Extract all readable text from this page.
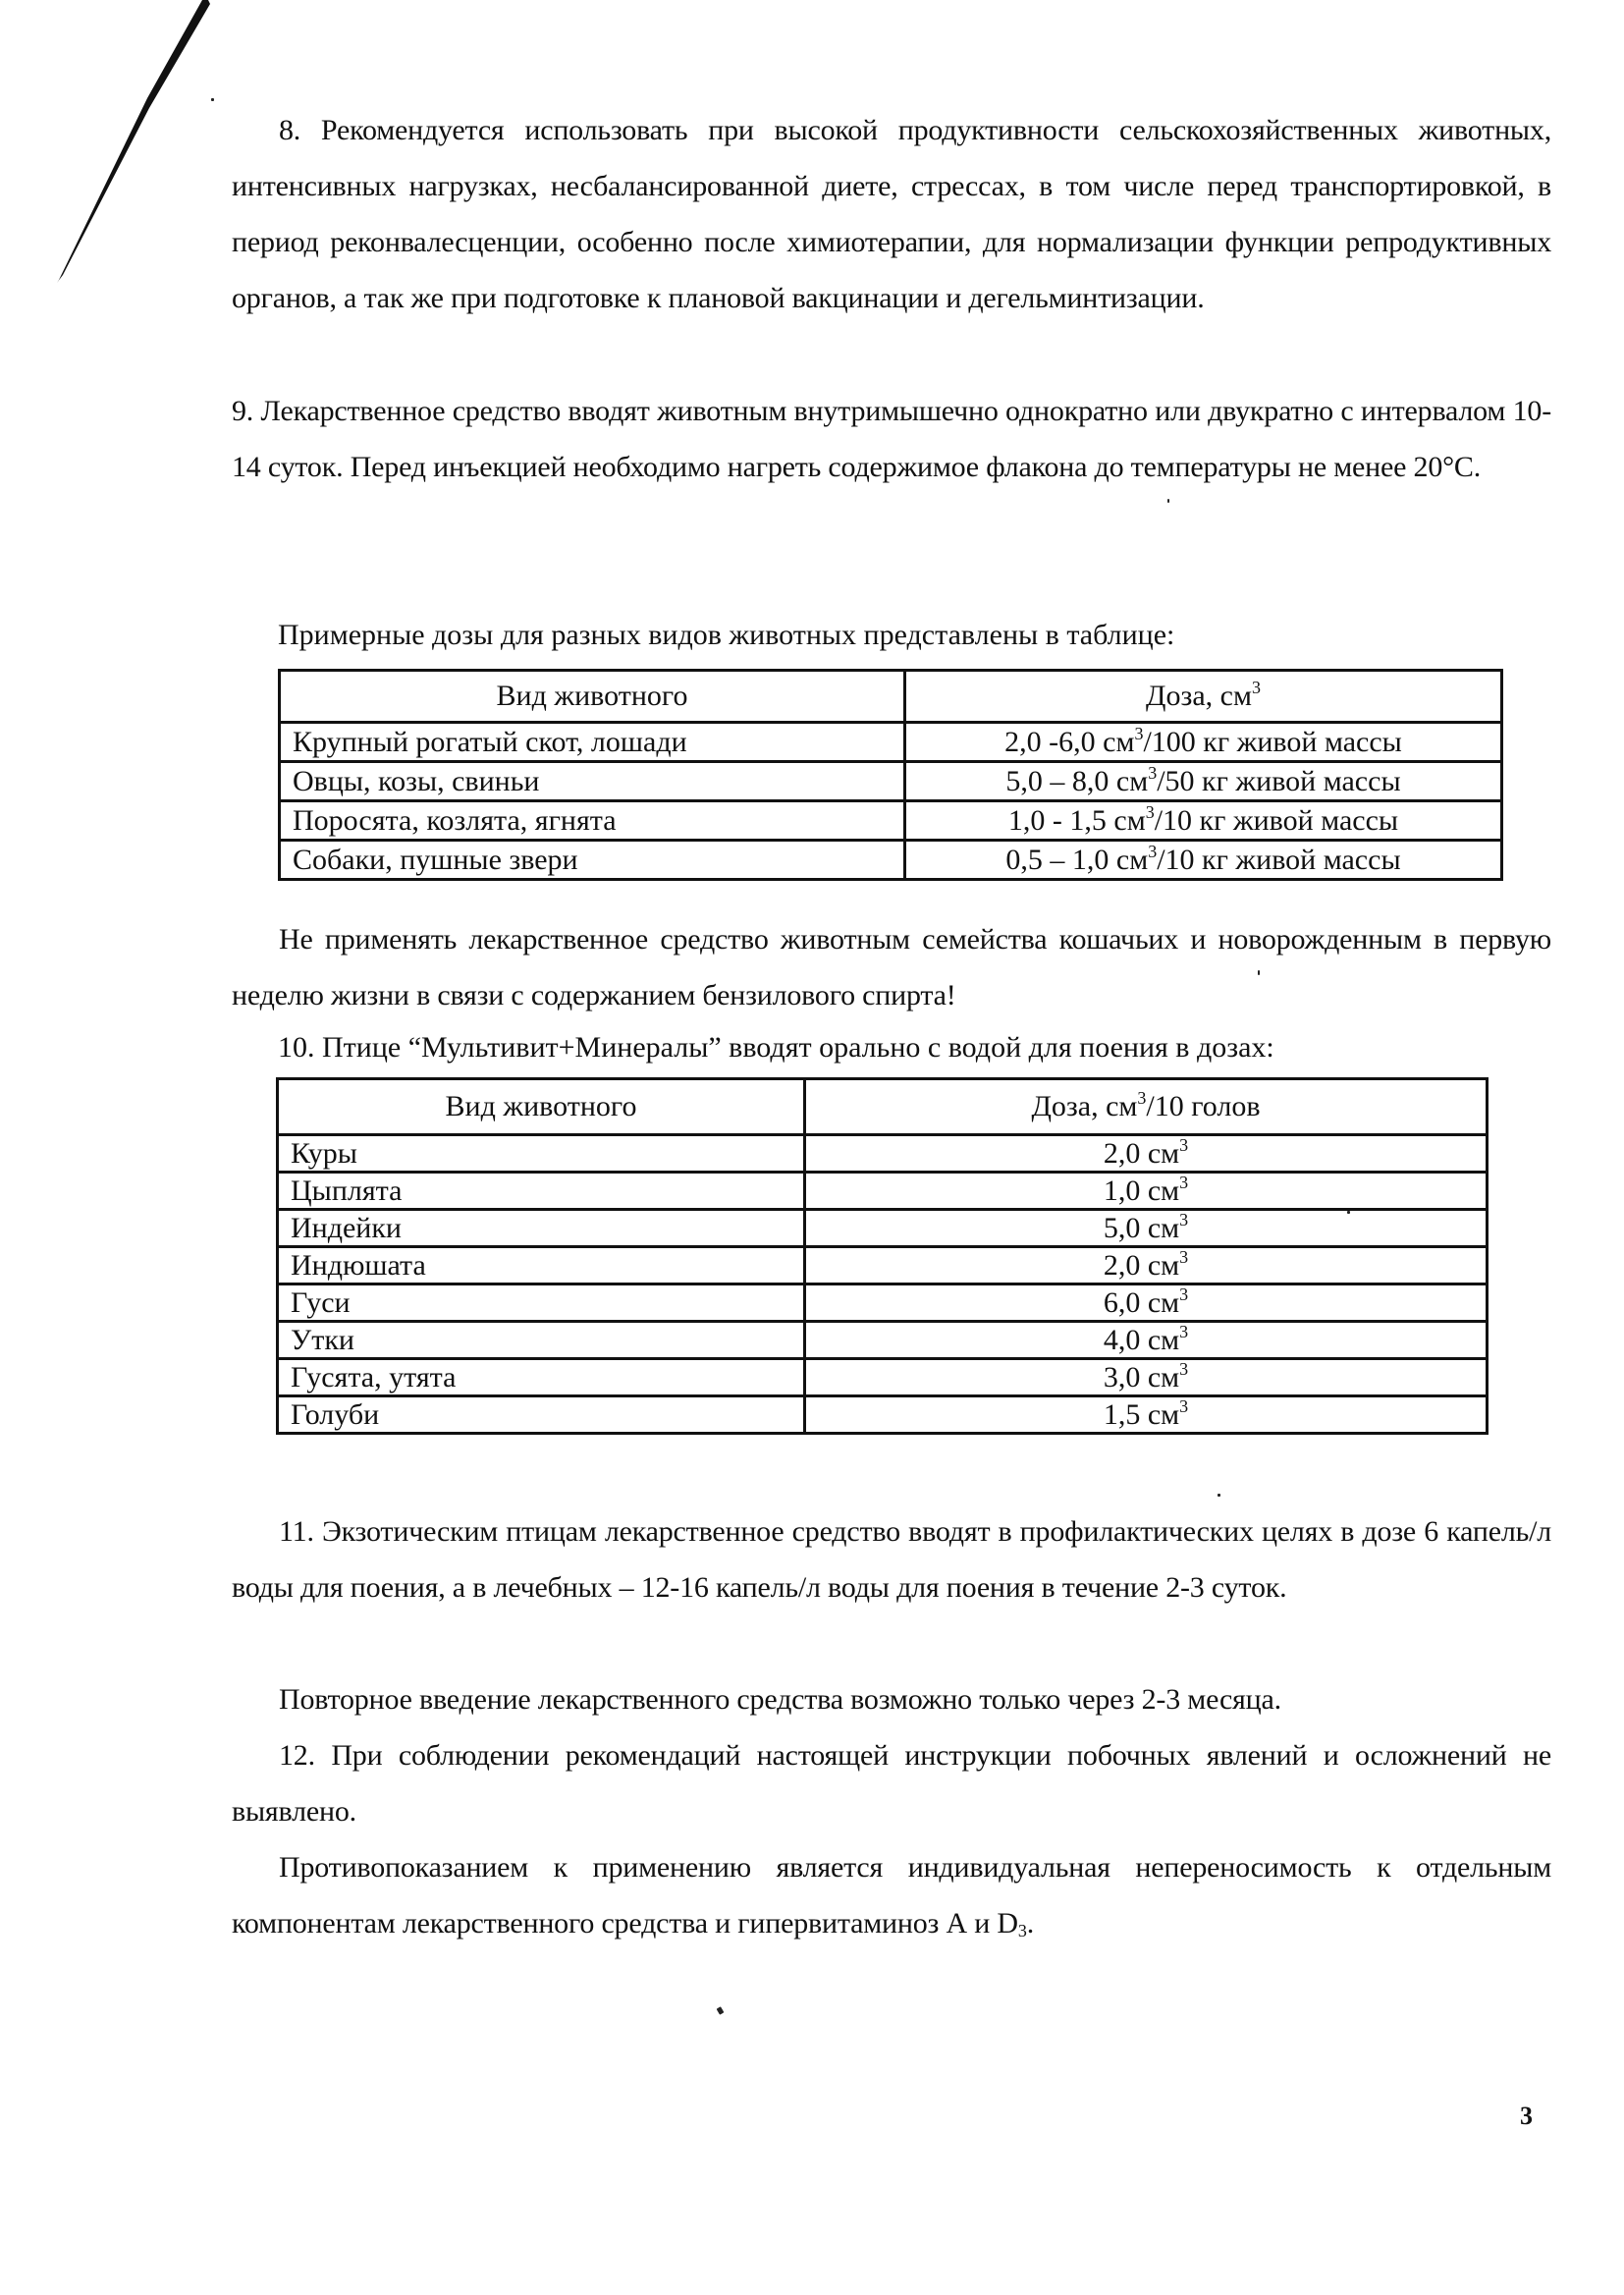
8. Рекомендуется использовать при высокой продуктивности сельскохозяйственных животных, интенсивных нагрузках, несбалансированной диете, стрессах, в том числе перед транспортировкой, в период реконвалесценции, особенно после химиотерапии, для нормализации функции репродуктивных органов, а так же при подготовке к плановой вакцинации и дегельминтизации.
9. Лекарственное средство вводят животным внутримышечно однократно или двукратно с интервалом 10-14 суток. Перед инъекцией необходимо нагреть содержимое флакона до температуры не менее 20°С.
Примерные дозы для разных видов животных представлены в таблице:
Вид животного	Доза, $см^3$
Крупный рогатый скот, лошади	2,0 -6,0 $см^3/100$ кг живой массы
Овцы, козы, свиньи	5,0 – 8,0 $см^3/50$ кг живой массы
Поросята, козлята, ягнята	1,0 - 1,5 $см^3/10$ кг живой массы
Собаки, пушные звери	0,5 – 1,0 $см^3/10$ кг живой массы
Не применять лекарственное средство животным семейства кошачьих и новорожденным в первую неделю жизни в связи с содержанием бензилового спирта!
10. Птице “Мультивит+Минералы” вводят орально с водой для поения в дозах:
Вид животного	Доза, $см^3/10$ голов
Куры	2,0 $см^3$
Цыплята	1,0 $см^3$
Индейки	5,0 $см^3$
Индюшата	2,0 $см^3$
Гуси	6,0 $см^3$
Утки	4,0 $см^3$
Гусята, утята	3,0 $см^3$
Голуби	1,5 $см^3$
11. Экзотическим птицам лекарственное средство вводят в профилактических целях в дозе 6 капель/л воды для поения, а в лечебных – 12-16 капель/л воды для поения в течение 2-3 суток.
Повторное введение лекарственного средства возможно только через 2-3 месяца.
12. При соблюдении рекомендаций настоящей инструкции побочных явлений и осложнений не выявлено.
Противопоказанием к применению является индивидуальная непереносимость к отдельным компонентам лекарственного средства и гипервитаминоз А и $D_3$.
3
